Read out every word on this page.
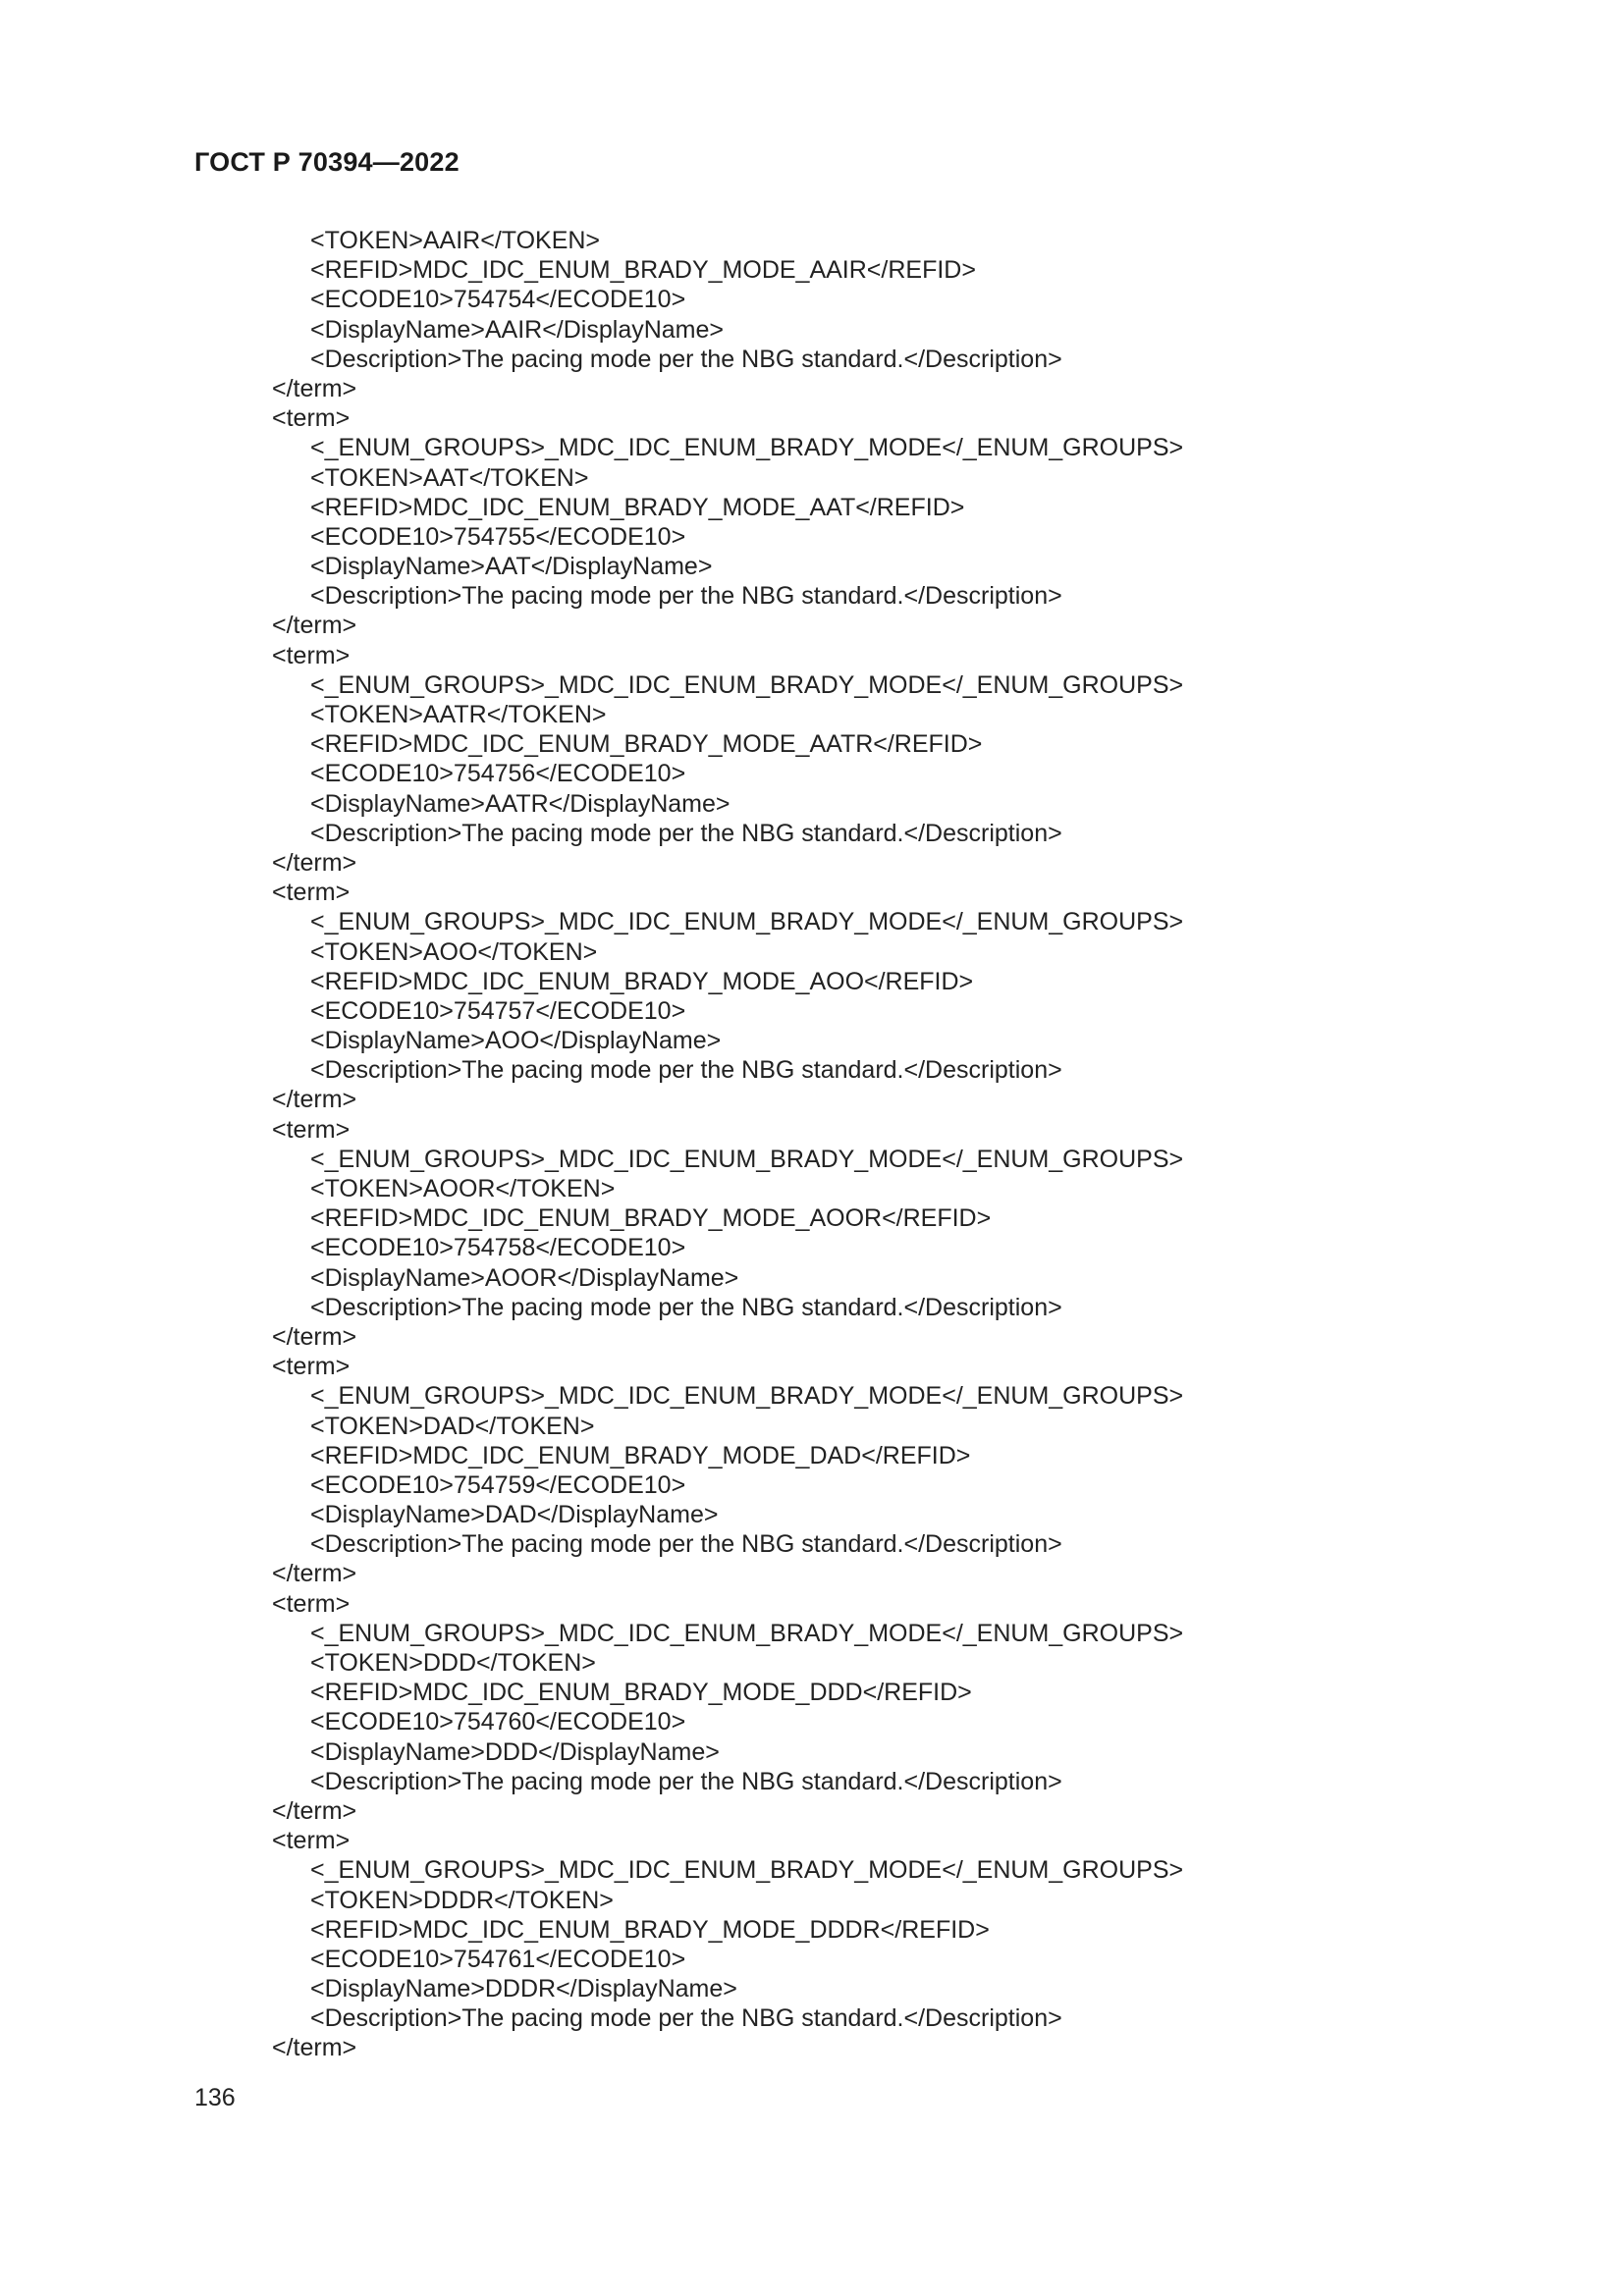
ГОСТ Р 70394—2022
<TOKEN>AAIR</TOKEN>
<REFID>MDC_IDC_ENUM_BRADY_MODE_AAIR</REFID>
<ECODE10>754754</ECODE10>
<DisplayName>AAIR</DisplayName>
<Description>The pacing mode per the NBG standard.</Description>
</term>
<term>
<_ENUM_GROUPS>_MDC_IDC_ENUM_BRADY_MODE</_ENUM_GROUPS>
<TOKEN>AAT</TOKEN>
<REFID>MDC_IDC_ENUM_BRADY_MODE_AAT</REFID>
<ECODE10>754755</ECODE10>
<DisplayName>AAT</DisplayName>
<Description>The pacing mode per the NBG standard.</Description>
</term>
<term>
<_ENUM_GROUPS>_MDC_IDC_ENUM_BRADY_MODE</_ENUM_GROUPS>
<TOKEN>AATR</TOKEN>
<REFID>MDC_IDC_ENUM_BRADY_MODE_AATR</REFID>
<ECODE10>754756</ECODE10>
<DisplayName>AATR</DisplayName>
<Description>The pacing mode per the NBG standard.</Description>
</term>
<term>
<_ENUM_GROUPS>_MDC_IDC_ENUM_BRADY_MODE</_ENUM_GROUPS>
<TOKEN>AOO</TOKEN>
<REFID>MDC_IDC_ENUM_BRADY_MODE_AOO</REFID>
<ECODE10>754757</ECODE10>
<DisplayName>AOO</DisplayName>
<Description>The pacing mode per the NBG standard.</Description>
</term>
<term>
<_ENUM_GROUPS>_MDC_IDC_ENUM_BRADY_MODE</_ENUM_GROUPS>
<TOKEN>AOOR</TOKEN>
<REFID>MDC_IDC_ENUM_BRADY_MODE_AOOR</REFID>
<ECODE10>754758</ECODE10>
<DisplayName>AOOR</DisplayName>
<Description>The pacing mode per the NBG standard.</Description>
</term>
<term>
<_ENUM_GROUPS>_MDC_IDC_ENUM_BRADY_MODE</_ENUM_GROUPS>
<TOKEN>DAD</TOKEN>
<REFID>MDC_IDC_ENUM_BRADY_MODE_DAD</REFID>
<ECODE10>754759</ECODE10>
<DisplayName>DAD</DisplayName>
<Description>The pacing mode per the NBG standard.</Description>
</term>
<term>
<_ENUM_GROUPS>_MDC_IDC_ENUM_BRADY_MODE</_ENUM_GROUPS>
<TOKEN>DDD</TOKEN>
<REFID>MDC_IDC_ENUM_BRADY_MODE_DDD</REFID>
<ECODE10>754760</ECODE10>
<DisplayName>DDD</DisplayName>
<Description>The pacing mode per the NBG standard.</Description>
</term>
<term>
<_ENUM_GROUPS>_MDC_IDC_ENUM_BRADY_MODE</_ENUM_GROUPS>
<TOKEN>DDDR</TOKEN>
<REFID>MDC_IDC_ENUM_BRADY_MODE_DDDR</REFID>
<ECODE10>754761</ECODE10>
<DisplayName>DDDR</DisplayName>
<Description>The pacing mode per the NBG standard.</Description>
</term>
136
